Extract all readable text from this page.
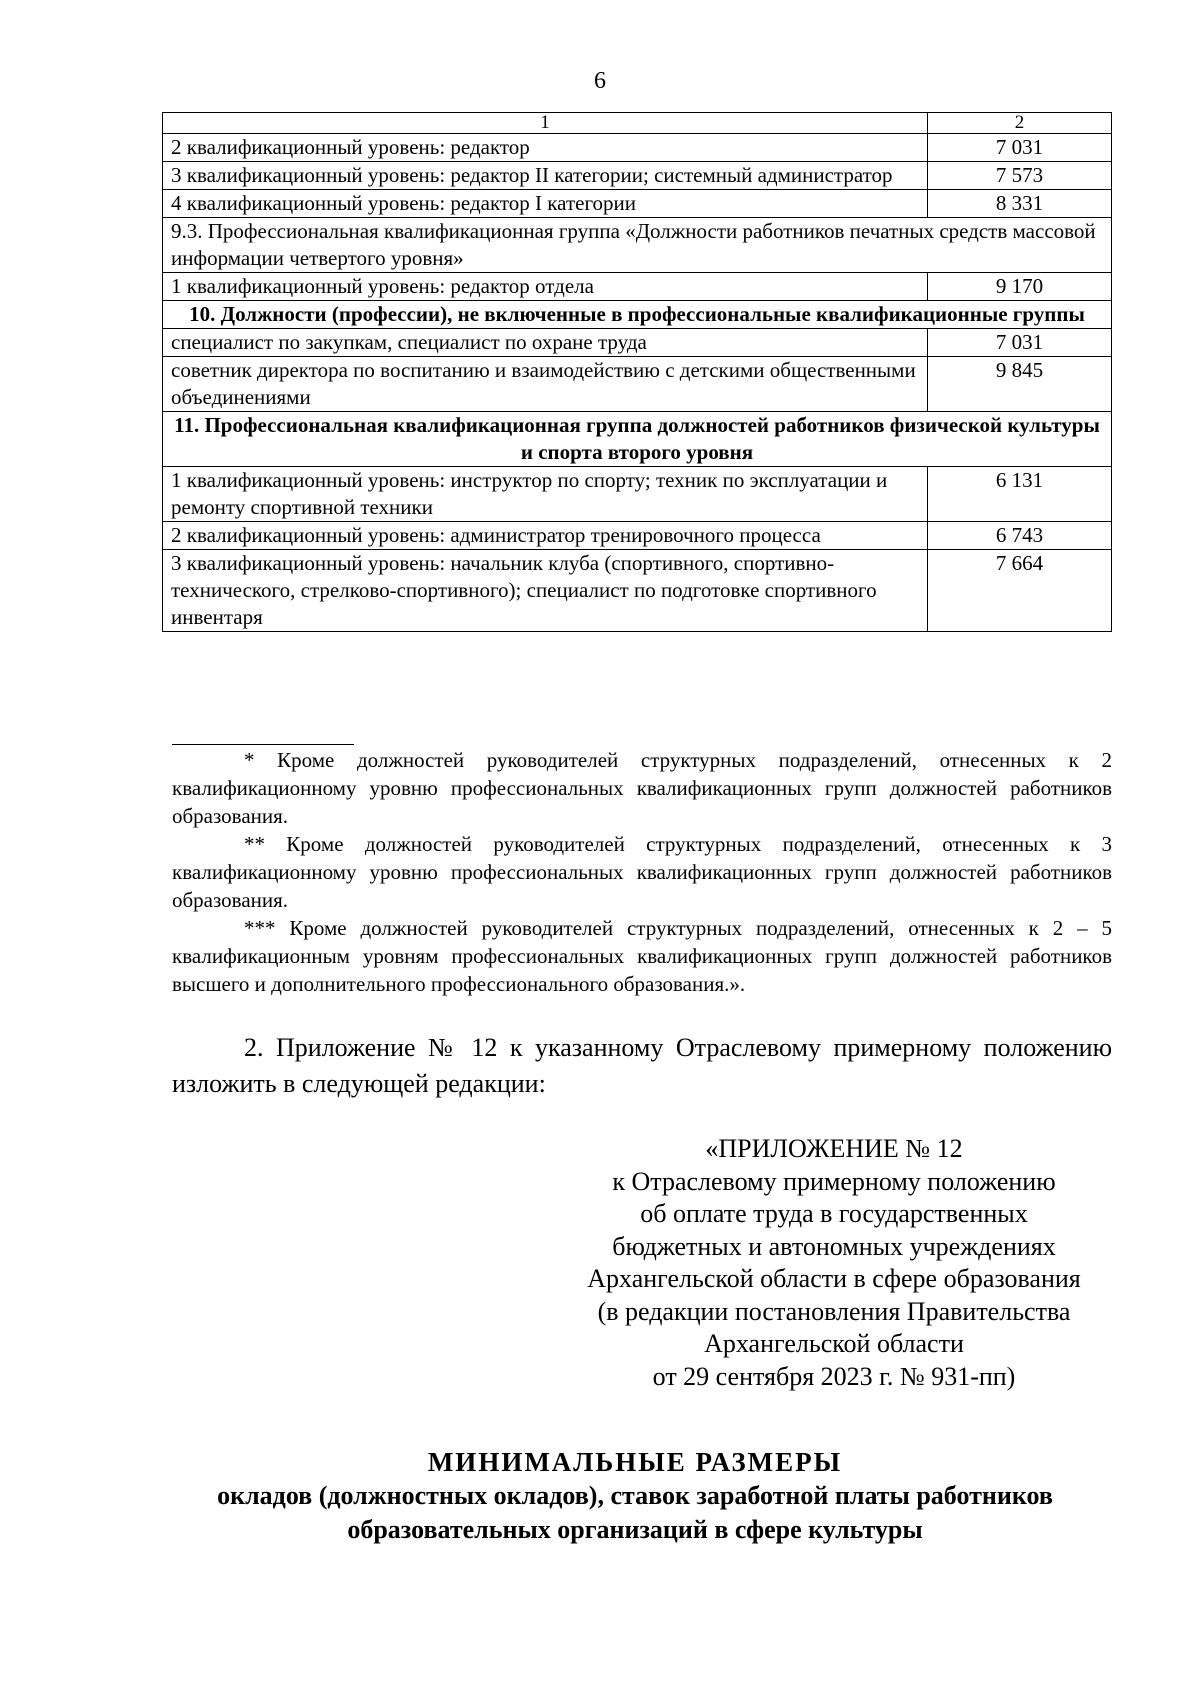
6
1	2
2 квалификационный уровень: редактор	7 031
3 квалификационный уровень: редактор II категории; системный администратор	7 573
4 квалификационный уровень: редактор I категории	8 331
9.3. Профессиональная квалификационная группа «Должности работников печатных средств массовой информации четвертого уровня»	
1 квалификационный уровень: редактор отдела	9 170
10. Должности (профессии), не включенные в профессиональные квалификационные группы	
специалист по закупкам, специалист по охране труда	7 031
советник директора по воспитанию и взаимодействию с детскими общественными объединениями	9 845
11. Профессиональная квалификационная группа должностей работников физической культуры и спорта второго уровня	
1 квалификационный уровень: инструктор по спорту; техник по эксплуатации и ремонту спортивной техники	6 131
2 квалификационный уровень: администратор тренировочного процесса	6 743
3 квалификационный уровень: начальник клуба (спортивного, спортивно-технического, стрелково-спортивного); специалист по подготовке спортивного инвентаря	7 664

* Кроме должностей руководителей структурных подразделений, отнесенных к 2 квалификационному уровню профессиональных квалификационных групп должностей работников образования.

** Кроме должностей руководителей структурных подразделений, отнесенных к 3 квалификационному уровню профессиональных квалификационных групп должностей работников образования.

*** Кроме должностей руководителей структурных подразделений, отнесенных к 2 – 5 квалификационным уровням профессиональных квалификационных групп должностей работников высшего и дополнительного профессионального образования.».

2. Приложение № 12 к указанному Отраслевому примерному положению изложить в следующей редакции:

«ПРИЛОЖЕНИЕ № 12
к Отраслевому примерному положению
об оплате труда в государственных
бюджетных и автономных учреждениях
Архангельской области в сфере образования
(в редакции постановления Правительства
Архангельской области
от 29 сентября 2023 г. № 931-пп)
МИНИМАЛЬНЫЕ РАЗМЕРЫ
окладов (должностных окладов), ставок заработной платы работников
образовательных организаций в сфере культуры
